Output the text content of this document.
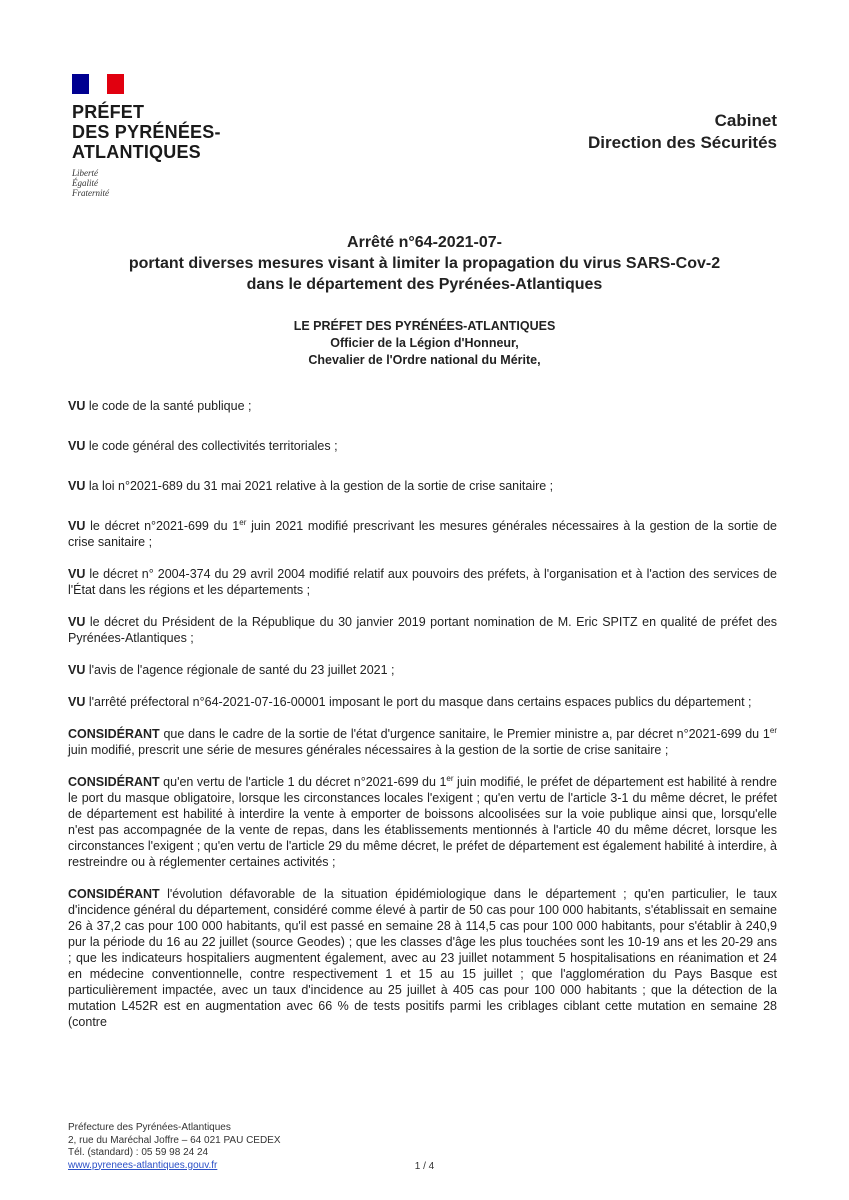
PRÉFET
DES PYRÉNÉES-
ATLANTIQUES
Liberté
Égalité
Fraternité
Cabinet
Direction des Sécurités
Arrêté n°64-2021-07-
portant diverses mesures visant à limiter la propagation du virus SARS-Cov-2
dans le département des Pyrénées-Atlantiques
LE PRÉFET DES PYRÉNÉES-ATLANTIQUES
Officier de la Légion d'Honneur,
Chevalier de l'Ordre national du Mérite,

VU le code de la santé publique ;

VU le code général des collectivités territoriales ;

VU la loi n°2021-689 du 31 mai 2021 relative à la gestion de la sortie de crise sanitaire ;

VU le décret n°2021-699 du 1er juin 2021 modifié prescrivant les mesures générales nécessaires à la gestion de la sortie de crise sanitaire ;

VU le décret n° 2004-374 du 29 avril 2004 modifié relatif aux pouvoirs des préfets, à l'organisation et à l'action des services de l'État dans les régions et les départements ;

VU le décret du Président de la République du 30 janvier 2019 portant nomination de M. Eric SPITZ en qualité de préfet des Pyrénées-Atlantiques ;

VU l'avis de l'agence régionale de santé du 23 juillet 2021 ;

VU l'arrêté préfectoral n°64-2021-07-16-00001 imposant le port du masque dans certains espaces publics du département ;

CONSIDÉRANT que dans le cadre de la sortie de l'état d'urgence sanitaire, le Premier ministre a, par décret n°2021-699 du 1er juin modifié, prescrit une série de mesures générales nécessaires à la gestion de la sortie de crise sanitaire ;

CONSIDÉRANT qu'en vertu de l'article 1 du décret n°2021-699 du 1er juin modifié, le préfet de département est habilité à rendre le port du masque obligatoire, lorsque les circonstances locales l'exigent ; qu'en vertu de l'article 3-1 du même décret, le préfet de département est habilité à interdire la vente à emporter de boissons alcoolisées sur la voie publique ainsi que, lorsqu'elle n'est pas accompagnée de la vente de repas, dans les établissements mentionnés à l'article 40 du même décret, lorsque les circonstances l'exigent ; qu'en vertu de l'article 29 du même décret, le préfet de département est également habilité à interdire, à restreindre ou à réglementer certaines activités ;

CONSIDÉRANT l'évolution défavorable de la situation épidémiologique dans le département ; qu'en particulier, le taux d'incidence général du département, considéré comme élevé à partir de 50 cas pour 100 000 habitants, s'établissait en semaine 26 à 37,2 cas pour 100 000 habitants, qu'il est passé en semaine 28 à 114,5 cas pour 100 000 habitants, pour s'établir à 240,9 pur la période du 16 au 22 juillet (source Geodes) ; que les classes d'âge les plus touchées sont les 10-19 ans et les 20-29 ans ; que les indicateurs hospitaliers augmentent également, avec au 23 juillet notamment 5 hospitalisations en réanimation et 24 en médecine conventionnelle, contre respectivement 1 et 15 au 15 juillet ; que l'agglomération du Pays Basque est particulièrement impactée, avec un taux d'incidence au 25 juillet à 405 cas pour 100 000 habitants ; que la détection de la mutation L452R est en augmentation avec 66 % de tests positifs parmi les criblages ciblant cette mutation en semaine 28 (contre

Préfecture des Pyrénées-Atlantiques
2, rue du Maréchal Joffre – 64 021 PAU CEDEX
Tél. (standard) : 05 59 98 24 24
www.pyrenees-atlantiques.gouv.fr	1 / 4
